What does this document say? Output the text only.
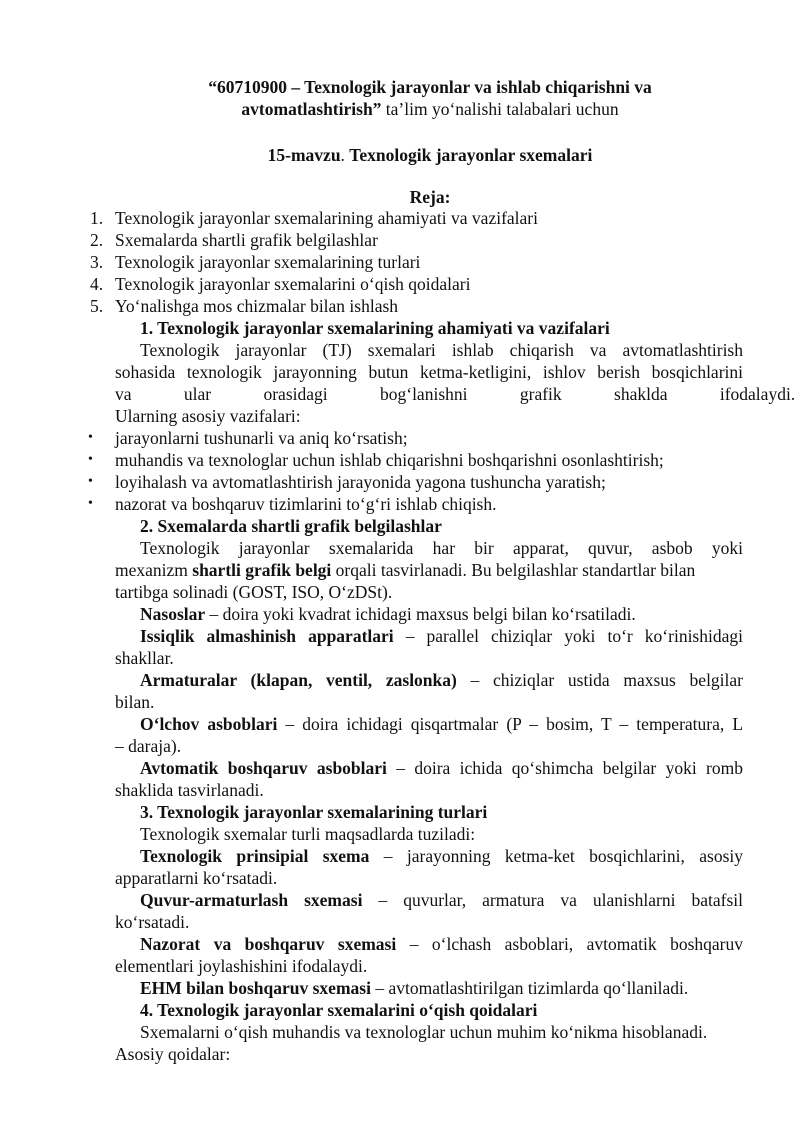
“60710900 – Texnologik jarayonlar va ishlab chiqarishni va
avtomatlashtirish” ta’lim yo‘nalishi talabalari uchun
15-mavzu. Texnologik jarayonlar sxemalari
Reja:
1. Texnologik jarayonlar sxemalarining ahamiyati va vazifalari
2. Sxemalarda shartli grafik belgilashlar
3. Texnologik jarayonlar sxemalarining turlari
4. Texnologik jarayonlar sxemalarini o‘qish qoidalari
5. Yo‘nalishga mos chizmalar bilan ishlash
1. Texnologik jarayonlar sxemalarining ahamiyati va vazifalari
Texnologik jarayonlar (TJ) sxemalari ishlab chiqarish va avtomatlashtirish
sohasida texnologik jarayonning butun ketma-ketligini, ishlov berish bosqichlarini
va ular orasidagi bog‘lanishni grafik shaklda ifodalaydi.
Ularning asosiy vazifalari:
• jarayonlarni tushunarli va aniq ko‘rsatish;
• muhandis va texnologlar uchun ishlab chiqarishni boshqarishni osonlashtirish;
• loyihalash va avtomatlashtirish jarayonida yagona tushuncha yaratish;
• nazorat va boshqaruv tizimlarini to‘g‘ri ishlab chiqish.
2. Sxemalarda shartli grafik belgilashlar
Texnologik jarayonlar sxemalarida har bir apparat, quvur, asbob yoki
mexanizm shartli grafik belgi orqali tasvirlanadi. Bu belgilashlar standartlar bilan
tartibga solinadi (GOST, ISO, O‘zDSt).
Nasoslar – doira yoki kvadrat ichidagi maxsus belgi bilan ko‘rsatiladi.
Issiqlik almashinish apparatlari – parallel chiziqlar yoki to‘r ko‘rinishidagi
shakllar.
Armaturalar (klapan, ventil, zaslonka) – chiziqlar ustida maxsus belgilar
bilan.
O‘lchov asboblari – doira ichidagi qisqartmalar (P – bosim, T – temperatura, L
– daraja).
Avtomatik boshqaruv asboblari – doira ichida qo‘shimcha belgilar yoki romb
shaklida tasvirlanadi.
3. Texnologik jarayonlar sxemalarining turlari
Texnologik sxemalar turli maqsadlarda tuziladi:
Texnologik prinsipial sxema – jarayonning ketma-ket bosqichlarini, asosiy
apparatlarni ko‘rsatadi.
Quvur-armaturlash sxemasi – quvurlar, armatura va ulanishlarni batafsil
ko‘rsatadi.
Nazorat va boshqaruv sxemasi – o‘lchash asboblari, avtomatik boshqaruv
elementlari joylashishini ifodalaydi.
EHM bilan boshqaruv sxemasi – avtomatlashtirilgan tizimlarda qo‘llaniladi.
4. Texnologik jarayonlar sxemalarini o‘qish qoidalari
Sxemalarni o‘qish muhandis va texnologlar uchun muhim ko‘nikma hisoblanadi.
Asosiy qoidalar:
